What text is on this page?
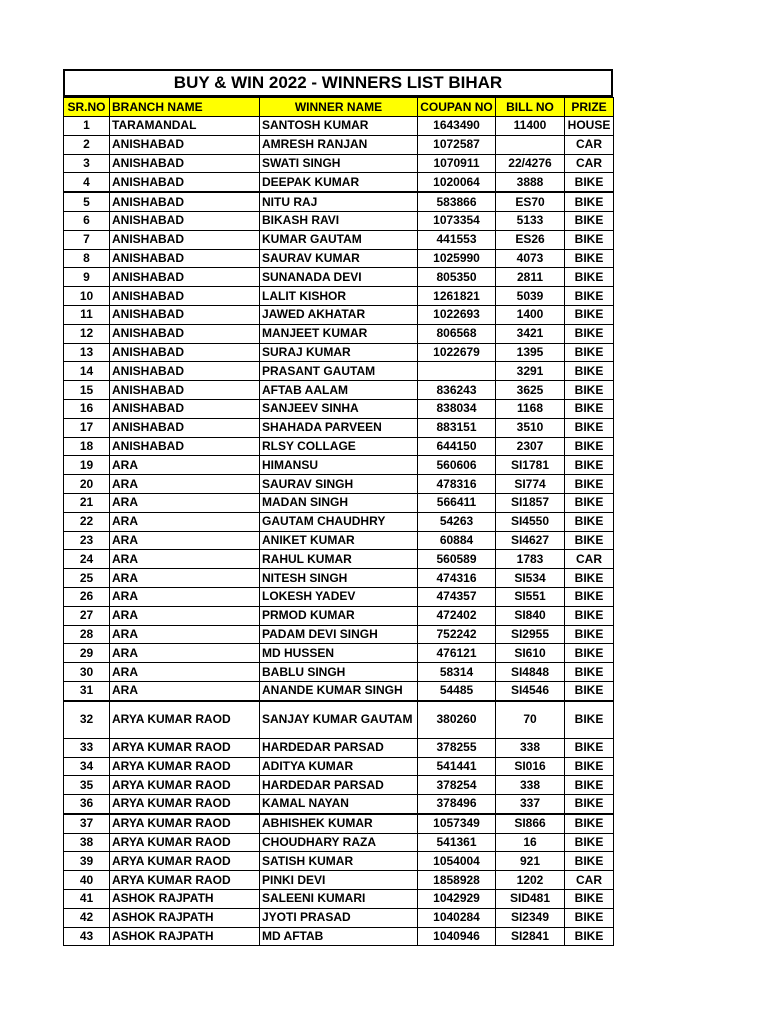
BUY & WIN 2022 - WINNERS LIST BIHAR
SR.NO	BRANCH NAME	WINNER NAME	COUPAN NO	BILL NO	PRIZE
1	TARAMANDAL	SANTOSH KUMAR	1643490	11400	HOUSE
2	ANISHABAD	AMRESH RANJAN	1072587		CAR
3	ANISHABAD	SWATI SINGH	1070911	22/4276	CAR
4	ANISHABAD	DEEPAK KUMAR	1020064	3888	BIKE
5	ANISHABAD	NITU RAJ	583866	ES70	BIKE
6	ANISHABAD	BIKASH RAVI	1073354	5133	BIKE
7	ANISHABAD	KUMAR GAUTAM	441553	ES26	BIKE
8	ANISHABAD	SAURAV KUMAR	1025990	4073	BIKE
9	ANISHABAD	SUNANADA DEVI	805350	2811	BIKE
10	ANISHABAD	LALIT KISHOR	1261821	5039	BIKE
11	ANISHABAD	JAWED AKHATAR	1022693	1400	BIKE
12	ANISHABAD	MANJEET KUMAR	806568	3421	BIKE
13	ANISHABAD	SURAJ KUMAR	1022679	1395	BIKE
14	ANISHABAD	PRASANT GAUTAM		3291	BIKE
15	ANISHABAD	AFTAB AALAM	836243	3625	BIKE
16	ANISHABAD	SANJEEV SINHA	838034	1168	BIKE
17	ANISHABAD	SHAHADA PARVEEN	883151	3510	BIKE
18	ANISHABAD	RLSY COLLAGE	644150	2307	BIKE
19	ARA	HIMANSU	560606	SI1781	BIKE
20	ARA	SAURAV SINGH	478316	SI774	BIKE
21	ARA	MADAN SINGH	566411	SI1857	BIKE
22	ARA	GAUTAM CHAUDHRY	54263	SI4550	BIKE
23	ARA	ANIKET KUMAR	60884	SI4627	BIKE
24	ARA	RAHUL KUMAR	560589	1783	CAR
25	ARA	NITESH SINGH	474316	SI534	BIKE
26	ARA	LOKESH YADEV	474357	SI551	BIKE
27	ARA	PRMOD KUMAR	472402	SI840	BIKE
28	ARA	PADAM DEVI SINGH	752242	SI2955	BIKE
29	ARA	MD HUSSEN	476121	SI610	BIKE
30	ARA	BABLU SINGH	58314	SI4848	BIKE
31	ARA	ANANDE KUMAR SINGH	54485	SI4546	BIKE
32	ARYA KUMAR RAOD	SANJAY KUMAR GAUTAM	380260	70	BIKE
33	ARYA KUMAR RAOD	HARDEDAR PARSAD	378255	338	BIKE
34	ARYA KUMAR RAOD	ADITYA KUMAR	541441	SI016	BIKE
35	ARYA KUMAR RAOD	HARDEDAR PARSAD	378254	338	BIKE
36	ARYA KUMAR RAOD	KAMAL NAYAN	378496	337	BIKE
37	ARYA KUMAR RAOD	ABHISHEK KUMAR	1057349	SI866	BIKE
38	ARYA KUMAR RAOD	CHOUDHARY RAZA	541361	16	BIKE
39	ARYA KUMAR RAOD	SATISH KUMAR	1054004	921	BIKE
40	ARYA KUMAR RAOD	PINKI DEVI	1858928	1202	CAR
41	ASHOK RAJPATH	SALEENI KUMARI	1042929	SID481	BIKE
42	ASHOK RAJPATH	JYOTI PRASAD	1040284	SI2349	BIKE
43	ASHOK RAJPATH	MD AFTAB	1040946	SI2841	BIKE
